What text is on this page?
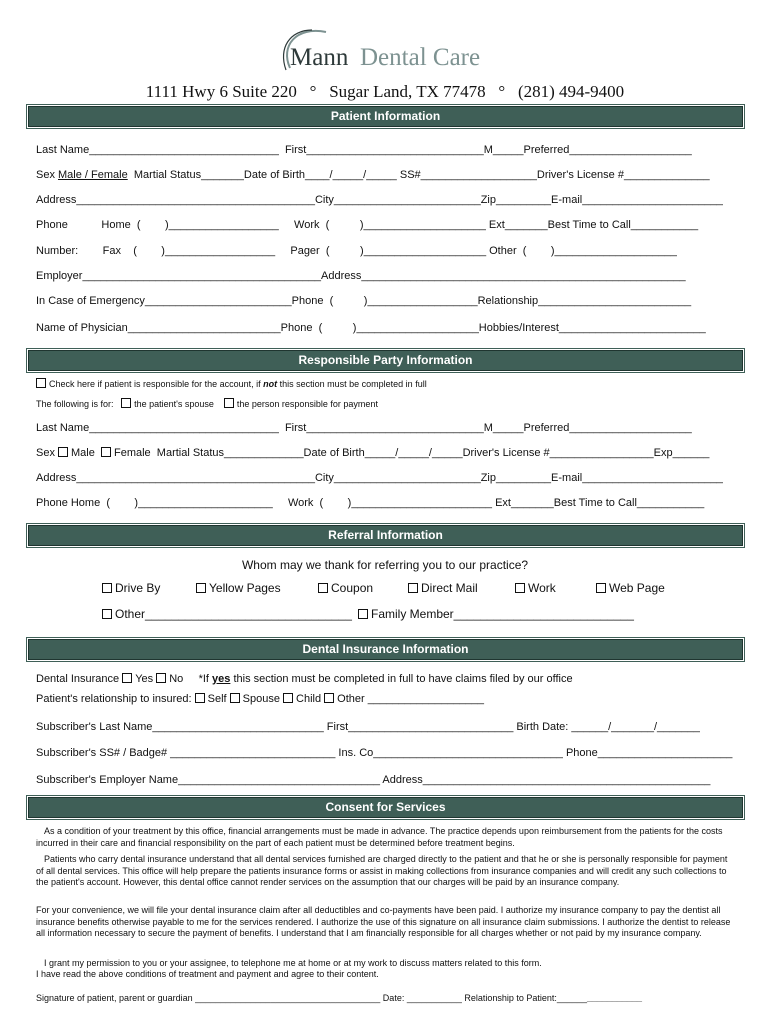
Mann Dental Care
1111 Hwy 6 Suite 220   °   Sugar Land, TX 77478   °   (281) 494-9400
Patient Information
Last Name_______________________________  First_____________________________M_____Preferred____________________
Sex Male / Female  Martial Status_______Date of Birth____/_____/_____ SS#___________________Driver's License #______________
Address_______________________________________City________________________Zip_________E-mail_______________________
Phone           Home  (        )__________________     Work  (          )____________________ Ext_______Best Time to Call___________
Number:        Fax    (        )__________________     Pager  (          )____________________ Other  (        )____________________
Employer_______________________________________Address_____________________________________________________
In Case of Emergency________________________Phone  (          )__________________Relationship_________________________
Name of Physician_________________________Phone  (          )____________________Hobbies/Interest________________________
Responsible Party Information
Check here if patient is responsible for the account, if not this section must be completed in full
The following is for:   the patient's spouse	the person responsible for payment
Last Name_______________________________  First_____________________________M_____Preferred____________________
Sex Male  Female  Martial Status_____________Date of Birth_____/_____/_____Driver's License #_________________Exp______
Address_______________________________________City________________________Zip_________E-mail_______________________
Phone Home  (        )______________________     Work  (        )_______________________ Ext_______Best Time to Call___________
Referral Information
Whom may we thank for referring you to our practice?
Drive By	Yellow Pages	Coupon	Direct Mail	Work	Web Page
Other_______________________________	Family Member___________________________
Dental Insurance Information
Dental Insurance Yes No     *If yes this section must be completed in full to have claims filed by our office
Patient's relationship to insured: Self Spouse Child Other ___________________
Subscriber's Last Name____________________________ First___________________________ Birth Date: ______/_______/_______
Subscriber's SS# / Badge# ___________________________ Ins. Co_______________________________ Phone______________________
Subscriber's Employer Name_________________________________ Address_______________________________________________
Consent for Services
As a condition of your treatment by this office, financial arrangements must be made in advance. The practice depends upon reimbursement from the patients for the costs incurred in their care and financial responsibility on the part of each patient must be determined before treatment begins.
Patients who carry dental insurance understand that all dental services furnished are charged directly to the patient and that he or she is personally responsible for payment of all dental services. This office will help prepare the patients insurance forms or assist in making collections from insurance companies and will credit any such collections to the patient's account. However, this dental office cannot render services on the assumption that our charges will be paid by an insurance company.
For your convenience, we will file your dental insurance claim after all deductibles and co-payments have been paid. I authorize my insurance company to pay the dentist all insurance benefits otherwise payable to me for the services rendered. I authorize the use of this signature on all insurance claim submissions. I authorize the dentist to release all information necessary to secure the payment of benefits. I understand that I am financially responsible for all charges whether or not paid by my insurance company.
I grant my permission to you or your assignee, to telephone me at home or at my work to discuss matters related to this form.
I have read the above conditions of treatment and payment and agree to their content.
Signature of patient, parent or guardian _____________________________________ Date: ___________ Relationship to Patient:_________________
